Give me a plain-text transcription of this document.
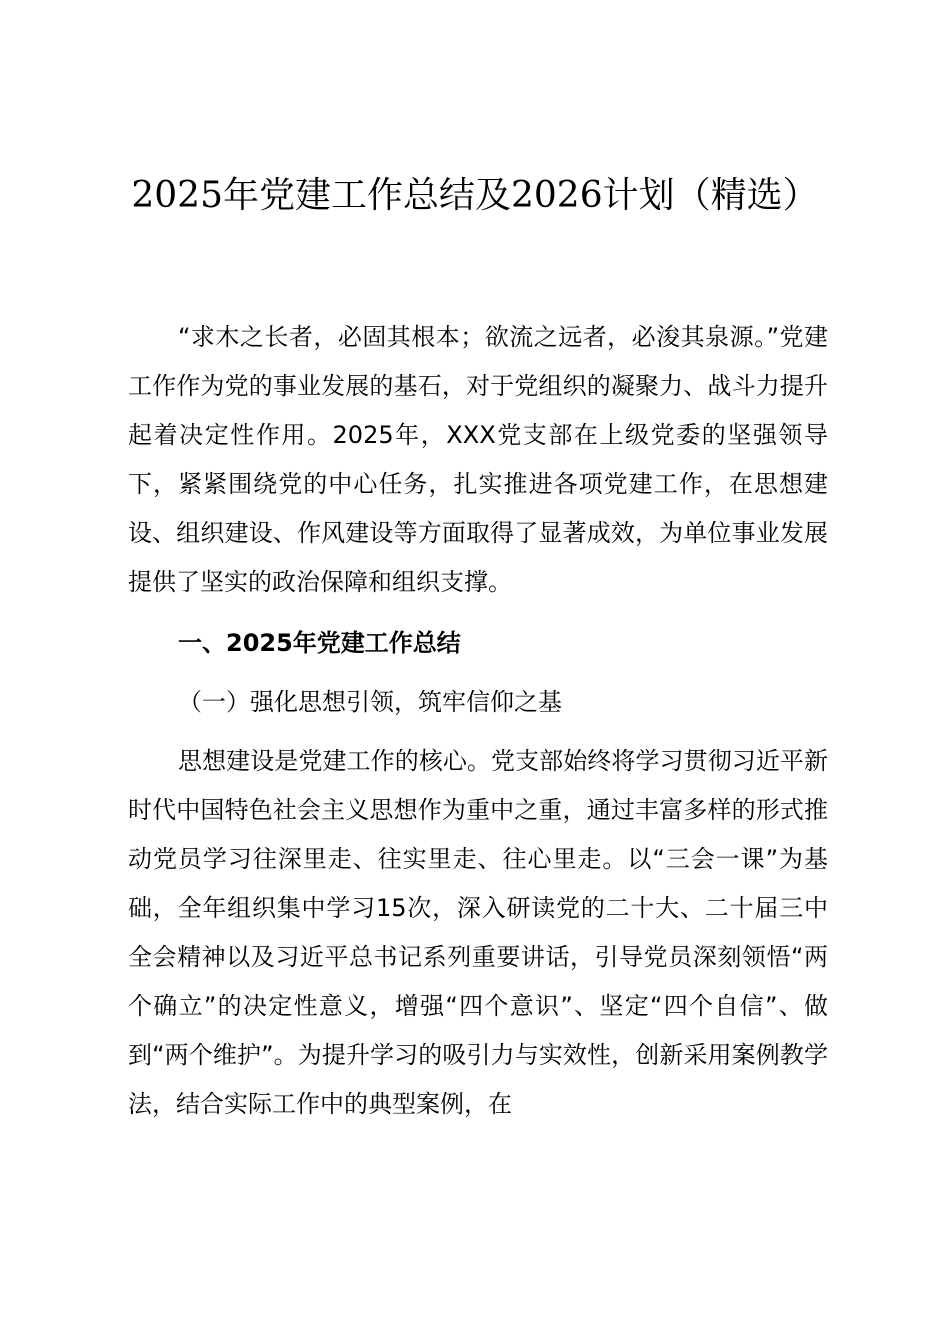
2025年党建工作总结及2026计划（精选）

“求木之长者，必固其根本；欲流之远者，必浚其泉源。”党建工作作为党的事业发展的基石，对于党组织的凝聚力、战斗力提升起着决定性作用。2025年，XXX党支部在上级党委的坚强领导下，紧紧围绕党的中心任务，扎实推进各项党建工作，在思想建设、组织建设、作风建设等方面取得了显著成效，为单位事业发展提供了坚实的政治保障和组织支撑。

一、2025年党建工作总结

（一）强化思想引领，筑牢信仰之基

思想建设是党建工作的核心。党支部始终将学习贯彻习近平新时代中国特色社会主义思想作为重中之重，通过丰富多样的形式推动党员学习往深里走、往实里走、往心里走。以“三会一课”为基础，全年组织集中学习15次，深入研读党的二十大、二十届三中全会精神以及习近平总书记系列重要讲话，引导党员深刻领悟“两个确立”的决定性意义，增强“四个意识”、坚定“四个自信”、做到“两个维护”。为提升学习的吸引力与实效性，创新采用案例教学法，结合实际工作中的典型案例，在
